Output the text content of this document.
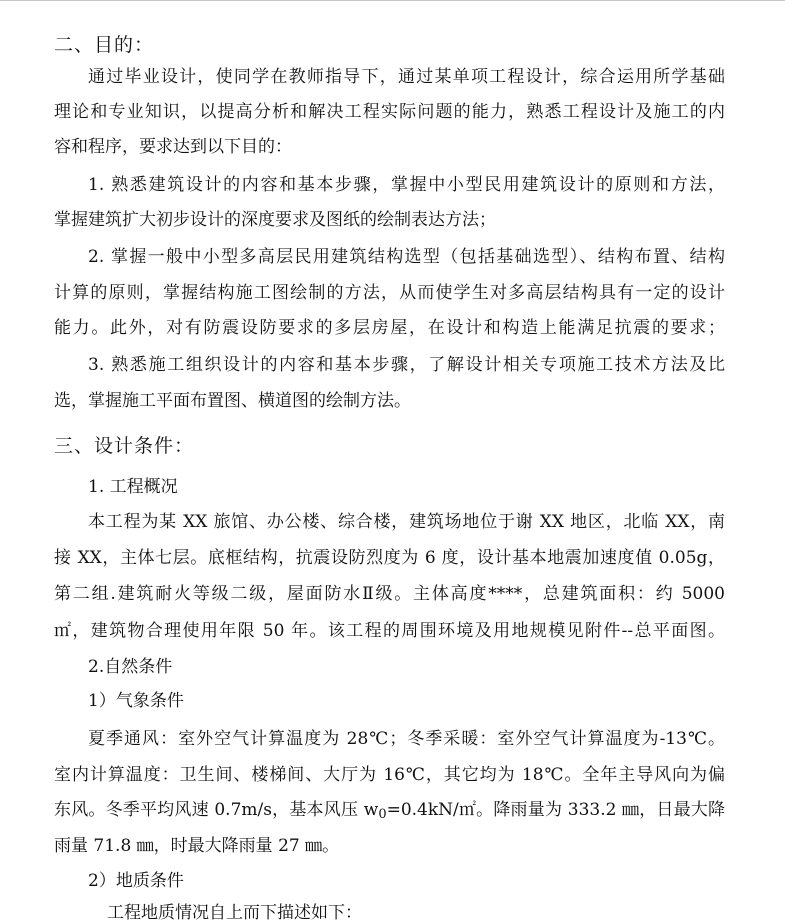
二、目的：
通过毕业设计，使同学在教师指导下，通过某单项工程设计，综合运用所学基础
理论和专业知识，以提高分析和解决工程实际问题的能力，熟悉工程设计及施工的内
容和程序，要求达到以下目的：
1. 熟悉建筑设计的内容和基本步骤，掌握中小型民用建筑设计的原则和方法，
掌握建筑扩大初步设计的深度要求及图纸的绘制表达方法；
2. 掌握一般中小型多高层民用建筑结构选型（包括基础选型）、结构布置、结构
计算的原则，掌握结构施工图绘制的方法，从而使学生对多高层结构具有一定的设计
能力。此外，对有防震设防要求的多层房屋，在设计和构造上能满足抗震的要求；
3. 熟悉施工组织设计的内容和基本步骤，了解设计相关专项施工技术方法及比
选，掌握施工平面布置图、横道图的绘制方法。
三、设计条件：
1. 工程概况
本工程为某 XX 旅馆、办公楼、综合楼，建筑场地位于谢 XX 地区，北临 XX，南
接 XX，主体七层。底框结构，抗震设防烈度为 6 度，设计基本地震加速度值 0.05g，
第二组.建筑耐火等级二级，屋面防水Ⅱ级。主体高度****，总建筑面积：约 5000
㎡，建筑物合理使用年限 50 年。该工程的周围环境及用地规模见附件--总平面图。
2.自然条件
1）气象条件
夏季通风：室外空气计算温度为 28℃；冬季采暖：室外空气计算温度为-13℃。
室内计算温度：卫生间、楼梯间、大厅为 16℃，其它均为 18℃。全年主导风向为偏
东风。冬季平均风速 0.7m/s，基本风压 $w_0=0.4kN/㎡$。降雨量为 333.2 ㎜，日最大降
雨量 71.8 ㎜，时最大降雨量 27 ㎜。
2）地质条件
工程地质情况自上而下描述如下：
